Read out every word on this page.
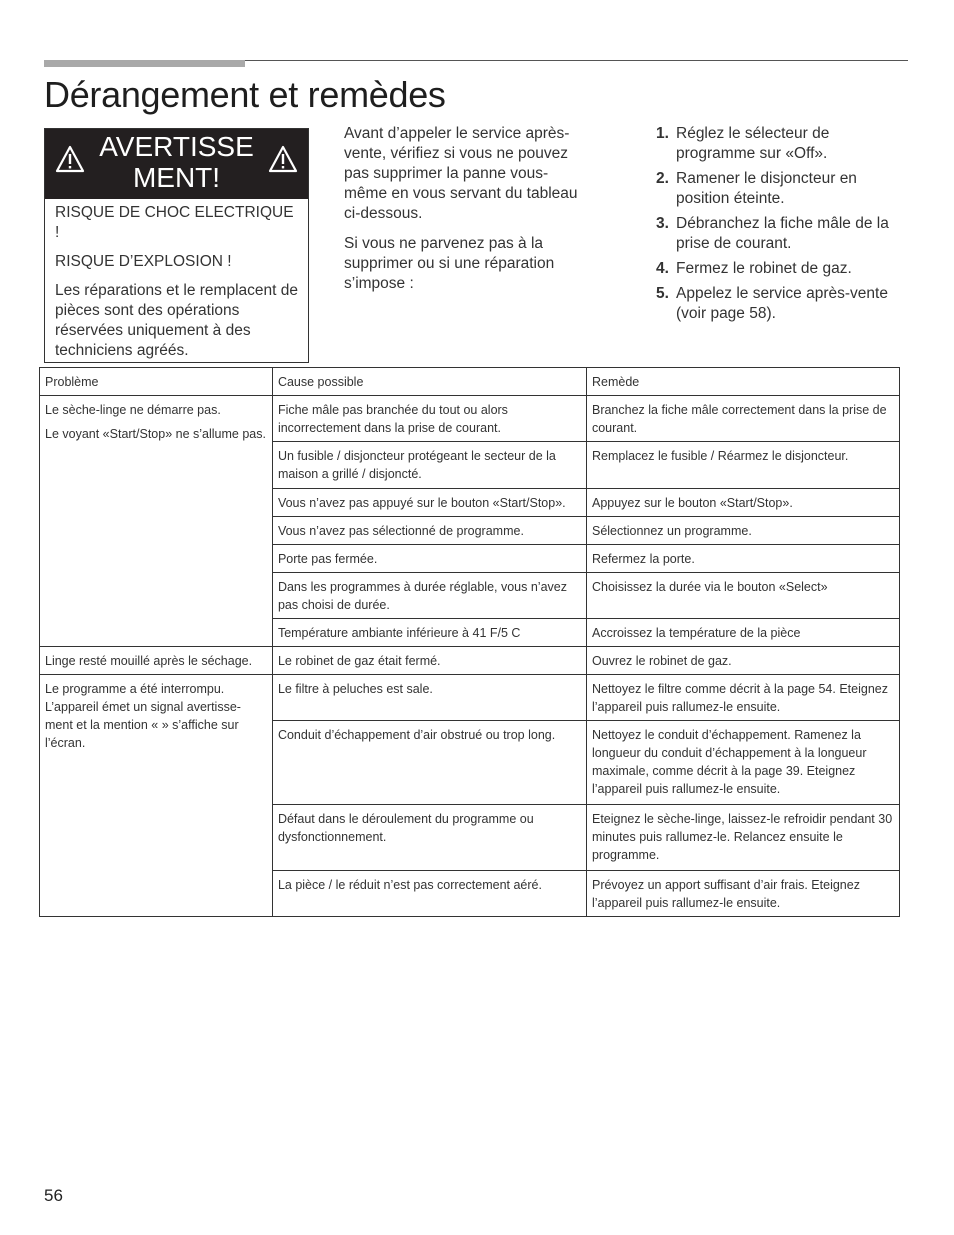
Dérangement et remèdes
AVERTISSE
MENT!

RISQUE DE CHOC ELECTRIQUE !

RISQUE D’EXPLOSION !

Les réparations et le remplacent de pièces sont des opérations réservées uniquement à des techniciens agréés.

Avant d’appeler le service après-vente, vérifiez si vous ne pouvez pas supprimer la panne vous-même en vous servant du tableau ci-dessous.

Si vous ne parvenez pas à la supprimer ou si une réparation s’impose :

1. Réglez le sélecteur de programme sur «Off».
2. Ramener le disjoncteur en position éteinte.
3. Débranchez la fiche mâle de la prise de courant.
4. Fermez le robinet de gaz.
5. Appelez le service après-vente (voir page 58).
Problème	Cause possible	Remède

Le sèche-linge ne démarre pas.
Le voyant «Start/Stop» ne s’allume pas.	Fiche mâle pas branchée du tout ou alors incorrectement dans la prise de courant.	Branchez la fiche mâle correctement dans la prise de courant.
	Un fusible / disjoncteur protégeant le secteur de la maison a grillé / disjoncté.	Remplacez le fusible / Réarmez le disjoncteur.
	Vous n’avez pas appuyé sur le bouton «Start/Stop».	Appuyez sur le bouton «Start/Stop».
	Vous n’avez pas sélectionné de programme.	Sélectionnez un programme.
	Porte pas fermée.	Refermez la porte.
	Dans les programmes à durée réglable, vous n’avez pas choisi de durée.	Choisissez la durée via le bouton «Select»
	Température ambiante inférieure à 41 F/5 C	Accroissez la température de la pièce

Linge resté mouillé après le séchage.	Le robinet de gaz était fermé.	Ouvrez le robinet de gaz.

Le programme a été interrompu. L’appareil émet un signal avertisse-ment et la mention « » s’affiche sur l’écran.	Le filtre à peluches est sale.	Nettoyez le filtre comme décrit à la page 54. Eteignez l’appareil puis rallumez-le ensuite.
	Conduit d’échappement d’air obstrué ou trop long.	Nettoyez le conduit d’échappement. Ramenez la longueur du conduit d’échappement à la longueur maximale, comme décrit à la page 39. Eteignez l’appareil puis rallumez-le ensuite.
	Défaut dans le déroulement du programme ou dysfonctionnement.	Eteignez le sèche-linge, laissez-le refroidir pendant 30 minutes puis rallumez-le. Relancez ensuite le programme.
	La pièce / le réduit n’est pas correctement aéré.	Prévoyez un apport suffisant d’air frais. Eteignez l’appareil puis rallumez-le ensuite.
56
